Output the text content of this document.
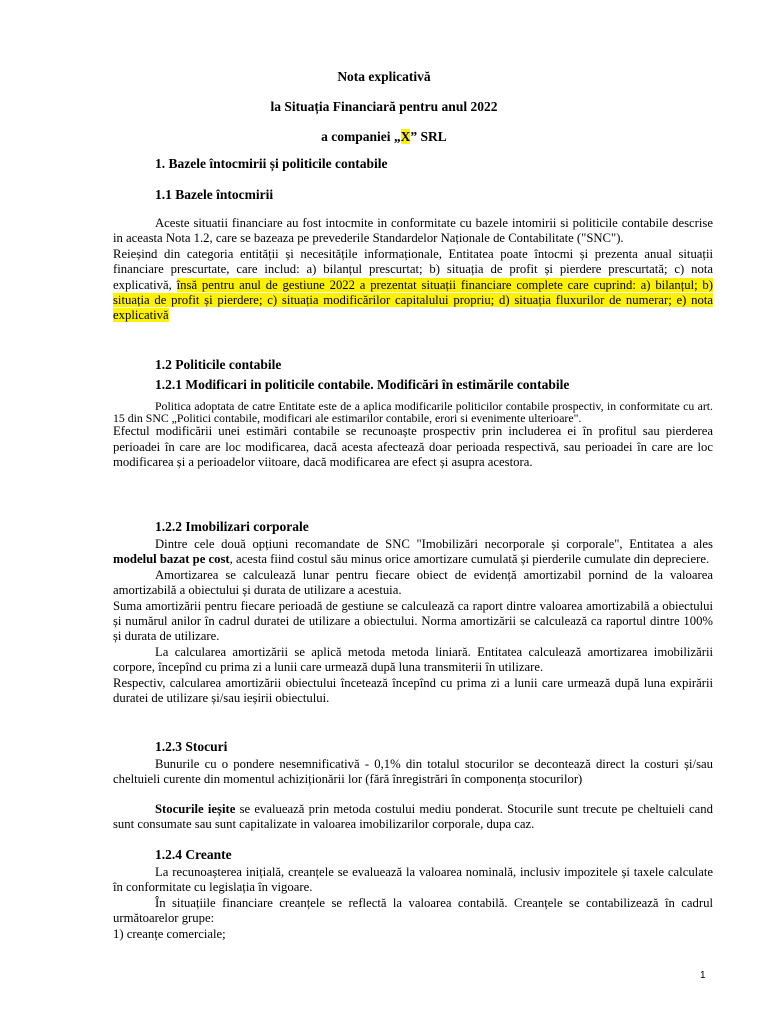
Nota explicativă
la Situația Financiară pentru anul 2022
a companiei „X” SRL
1. Bazele întocmirii și politicile contabile
1.1 Bazele întocmirii

Aceste situatii financiare au fost intocmite in conformitate cu bazele intomirii si politicile contabile descrise in aceasta Nota 1.2, care se bazeaza pe prevederile Standardelor Naționale de Contabilitate ("SNC").

Reieșind din categoria entității și necesitățile informaționale, Entitatea poate întocmi și prezenta anual situații financiare prescurtate, care includ: a) bilanțul prescurtat; b) situația de profit și pierdere prescurtată; c) nota explicativă, însă pentru anul de gestiune 2022 a prezentat situații financiare complete care cuprind: a) bilanțul; b) situația de profit și pierdere; c) situația modificărilor capitalului propriu; d) situația fluxurilor de numerar; e) nota explicativă

1.2 Politicile contabile
1.2.1 Modificari in politicile contabile. Modificări în estimările contabile

Politica adoptata de catre Entitate este de a aplica modificarile politicilor contabile prospectiv, in conformitate cu art. 15 din SNC „Politici contabile, modificari ale estimarilor contabile, erori si evenimente ulterioare".

Efectul modificării unei estimări contabile se recunoaște prospectiv prin includerea ei în profitul sau pierderea perioadei în care are loc modificarea, dacă acesta afectează doar perioada respectivă, sau perioadei în care are loc modificarea și a perioadelor viitoare, dacă modificarea are efect și asupra acestora.

1.2.2 Imobilizari corporale

Dintre cele două opțiuni recomandate de SNC "Imobilizări necorporale și corporale", Entitatea a ales modelul bazat pe cost, acesta fiind costul său minus orice amortizare cumulată și pierderile cumulate din depreciere.

Amortizarea se calculează lunar pentru fiecare obiect de evidență amortizabil pornind de la valoarea amortizabilă a obiectului și durata de utilizare a acestuia.

Suma amortizării pentru fiecare perioadă de gestiune se calculează ca raport dintre valoarea amortizabilă a obiectului și numărul anilor în cadrul duratei de utilizare a obiectului. Norma amortizării se calculează ca raportul dintre 100% și durata de utilizare.

La calcularea amortizării se aplică metoda metoda liniară. Entitatea calculează amortizarea imobilizării corpore, începînd cu prima zi a lunii care urmează după luna transmiterii în utilizare.

Respectiv, calcularea amortizării obiectului încetează începînd cu prima zi a lunii care urmează după luna expirării duratei de utilizare și/sau ieșirii obiectului.

1.2.3 Stocuri

Bunurile cu o pondere nesemnificativă - 0,1% din totalul stocurilor se decontează direct la costuri și/sau cheltuieli curente din momentul achiziționării lor (fără înregistrări în componența stocurilor)

Stocurile ieșite se evaluează prin metoda costului mediu ponderat. Stocurile sunt trecute pe cheltuieli cand sunt consumate sau sunt capitalizate in valoarea imobilizarilor corporale, dupa caz.

1.2.4 Creante

La recunoașterea inițială, creanțele se evaluează la valoarea nominală, inclusiv impozitele și taxele calculate în conformitate cu legislația în vigoare.

În situațiile financiare creanțele se reflectă la valoarea contabilă. Creanțele se contabilizează în cadrul următoarelor grupe:

1) creanțe comerciale;

1
